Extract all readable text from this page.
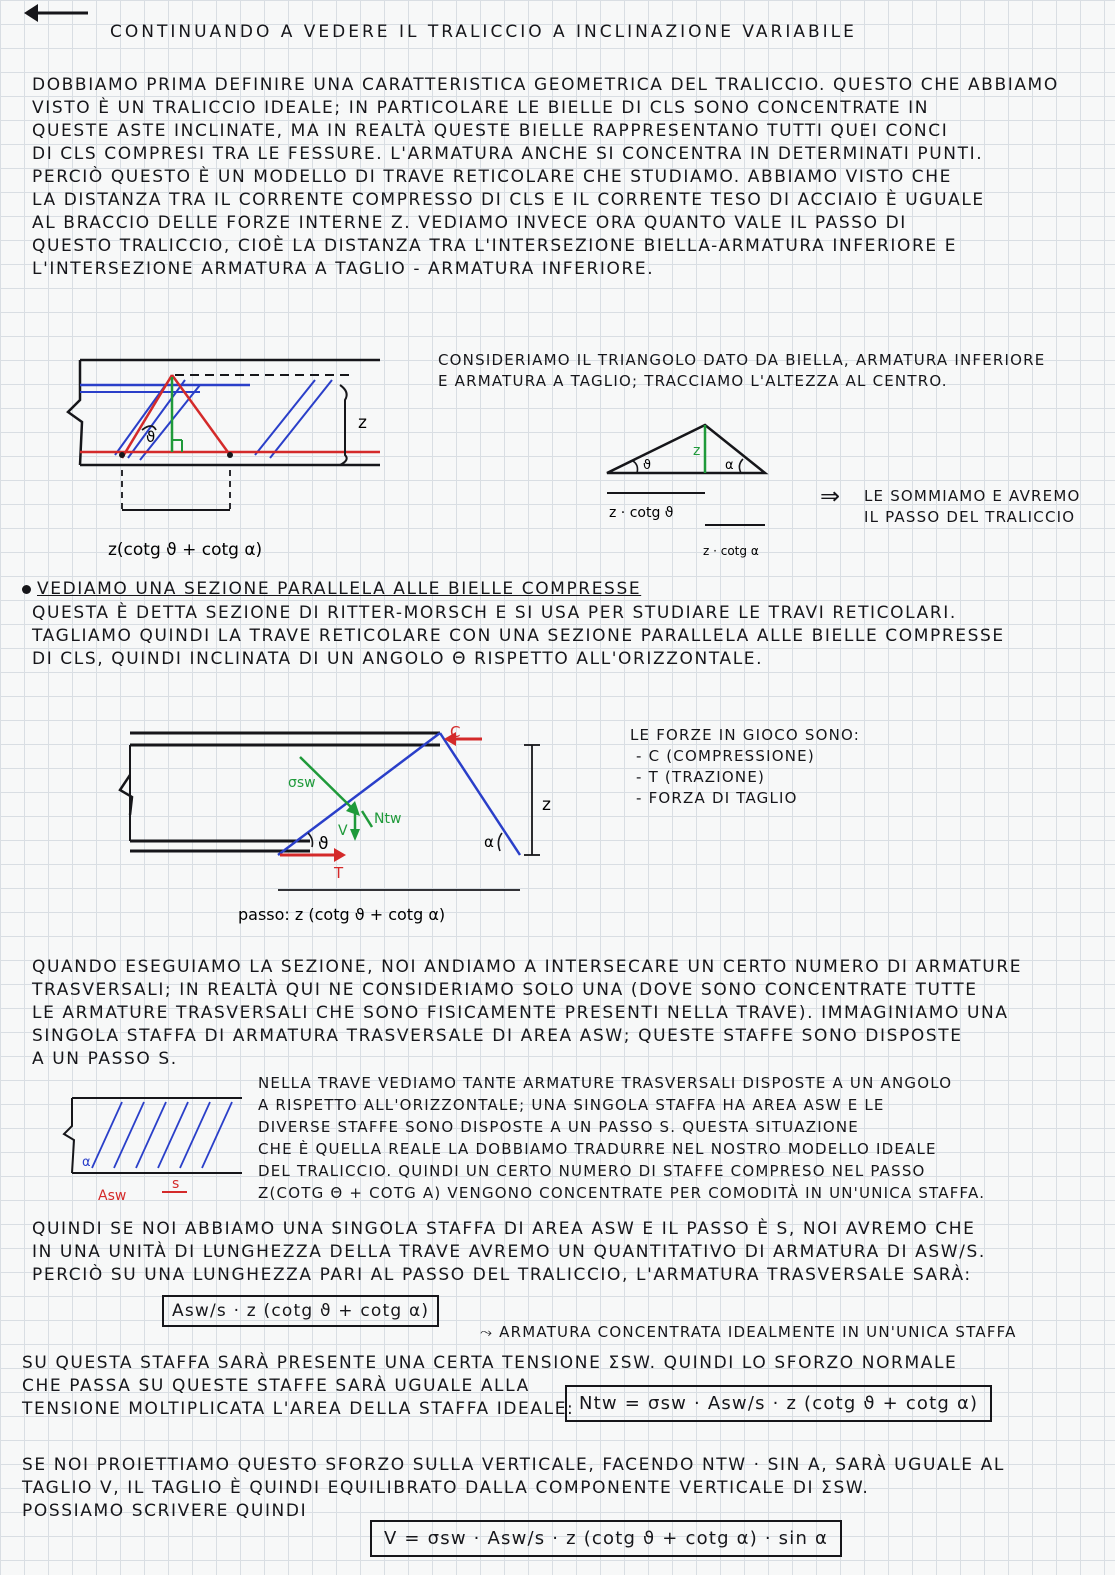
CONTINUANDO A VEDERE IL TRALICCIO A INCLINAZIONE VARIABILE
DOBBIAMO PRIMA DEFINIRE UNA CARATTERISTICA GEOMETRICA DEL TRALICCIO. QUESTO CHE ABBIAMO
VISTO È UN TRALICCIO IDEALE; IN PARTICOLARE LE BIELLE DI CLS SONO CONCENTRATE IN
QUESTE ASTE INCLINATE, MA IN REALTÀ QUESTE BIELLE RAPPRESENTANO TUTTI QUEI CONCI
DI CLS COMPRESI TRA LE FESSURE. L'ARMATURA ANCHE SI CONCENTRA IN DETERMINATI PUNTI.
PERCIÒ QUESTO È UN MODELLO DI TRAVE RETICOLARE CHE STUDIAMO. ABBIAMO VISTO CHE
LA DISTANZA TRA IL CORRENTE COMPRESSO DI CLS E IL CORRENTE TESO DI ACCIAIO È UGUALE
AL BRACCIO DELLE FORZE INTERNE Z. VEDIAMO INVECE ORA QUANTO VALE IL PASSO DI
QUESTO TRALICCIO, CIOÈ LA DISTANZA TRA L'INTERSEZIONE BIELLA-ARMATURA INFERIORE E
L'INTERSEZIONE ARMATURA A TAGLIO - ARMATURA INFERIORE.
ϑ
z
z(cotg ϑ + cotg α)
CONSIDERIAMO IL TRIANGOLO DATO DA BIELLA, ARMATURA INFERIORE
E ARMATURA A TAGLIO; TRACCIAMO L'ALTEZZA AL CENTRO.
z
ϑ	α
z · cotg ϑ
z · cotg α
⇒	LE SOMMIAMO E AVREMO
IL PASSO DEL TRALICCIO
VEDIAMO UNA SEZIONE PARALLELA ALLE BIELLE COMPRESSE
QUESTA È DETTA SEZIONE DI RITTER-MORSCH E SI USA PER STUDIARE LE TRAVI RETICOLARI.
TAGLIAMO QUINDI LA TRAVE RETICOLARE CON UNA SEZIONE PARALLELA ALLE BIELLE COMPRESSE
DI CLS, QUINDI INCLINATA DI UN ANGOLO Θ RISPETTO ALL'ORIZZONTALE.
C
T
σsw
V
Ntw
ϑ	α
z
passo: z (cotg ϑ + cotg α)
LE FORZE IN GIOCO SONO:
- C (COMPRESSIONE)
- T (TRAZIONE)
- FORZA DI TAGLIO
QUANDO ESEGUIAMO LA SEZIONE, NOI ANDIAMO A INTERSECARE UN CERTO NUMERO DI ARMATURE
TRASVERSALI; IN REALTÀ QUI NE CONSIDERIAMO SOLO UNA (DOVE SONO CONCENTRATE TUTTE
LE ARMATURE TRASVERSALI CHE SONO FISICAMENTE PRESENTI NELLA TRAVE). IMMAGINIAMO UNA
SINGOLA STAFFA DI ARMATURA TRASVERSALE DI AREA ASW; QUESTE STAFFE SONO DISPOSTE
A UN PASSO S.
α
Asw
s
NELLA TRAVE VEDIAMO TANTE ARMATURE TRASVERSALI DISPOSTE A UN ANGOLO
Α RISPETTO ALL'ORIZZONTALE; UNA SINGOLA STAFFA HA AREA ASW E LE
DIVERSE STAFFE SONO DISPOSTE A UN PASSO S. QUESTA SITUAZIONE
CHE È QUELLA REALE LA DOBBIAMO TRADURRE NEL NOSTRO MODELLO IDEALE
DEL TRALICCIO. QUINDI UN CERTO NUMERO DI STAFFE COMPRESO NEL PASSO
Z(COTG Θ + COTG Α) VENGONO CONCENTRATE PER COMODITÀ IN UN'UNICA STAFFA.
QUINDI SE NOI ABBIAMO UNA SINGOLA STAFFA DI AREA ASW E IL PASSO È S, NOI AVREMO CHE
IN UNA UNITÀ DI LUNGHEZZA DELLA TRAVE AVREMO UN QUANTITATIVO DI ARMATURA DI ASW/S.
PERCIÒ SU UNA LUNGHEZZA PARI AL PASSO DEL TRALICCIO, L'ARMATURA TRASVERSALE SARÀ:
Asw/s · z (cotg ϑ + cotg α)
⤳ ARMATURA CONCENTRATA IDEALMENTE IN UN'UNICA STAFFA
SU QUESTA STAFFA SARÀ PRESENTE UNA CERTA TENSIONE ΣSW. QUINDI LO SFORZO NORMALE
CHE PASSA SU QUESTE STAFFE SARÀ UGUALE ALLA
TENSIONE MOLTIPLICATA L'AREA DELLA STAFFA IDEALE: Ntw = σsw · Asw/s · z (cotg ϑ + cotg α)
SE NOI PROIETTIAMO QUESTO SFORZO SULLA VERTICALE, FACENDO NTW · SIN Α, SARÀ UGUALE AL
TAGLIO V, IL TAGLIO È QUINDI EQUILIBRATO DALLA COMPONENTE VERTICALE DI ΣSW.
POSSIAMO SCRIVERE QUINDI
V = σsw · Asw/s · z (cotg ϑ + cotg α) · sin α
